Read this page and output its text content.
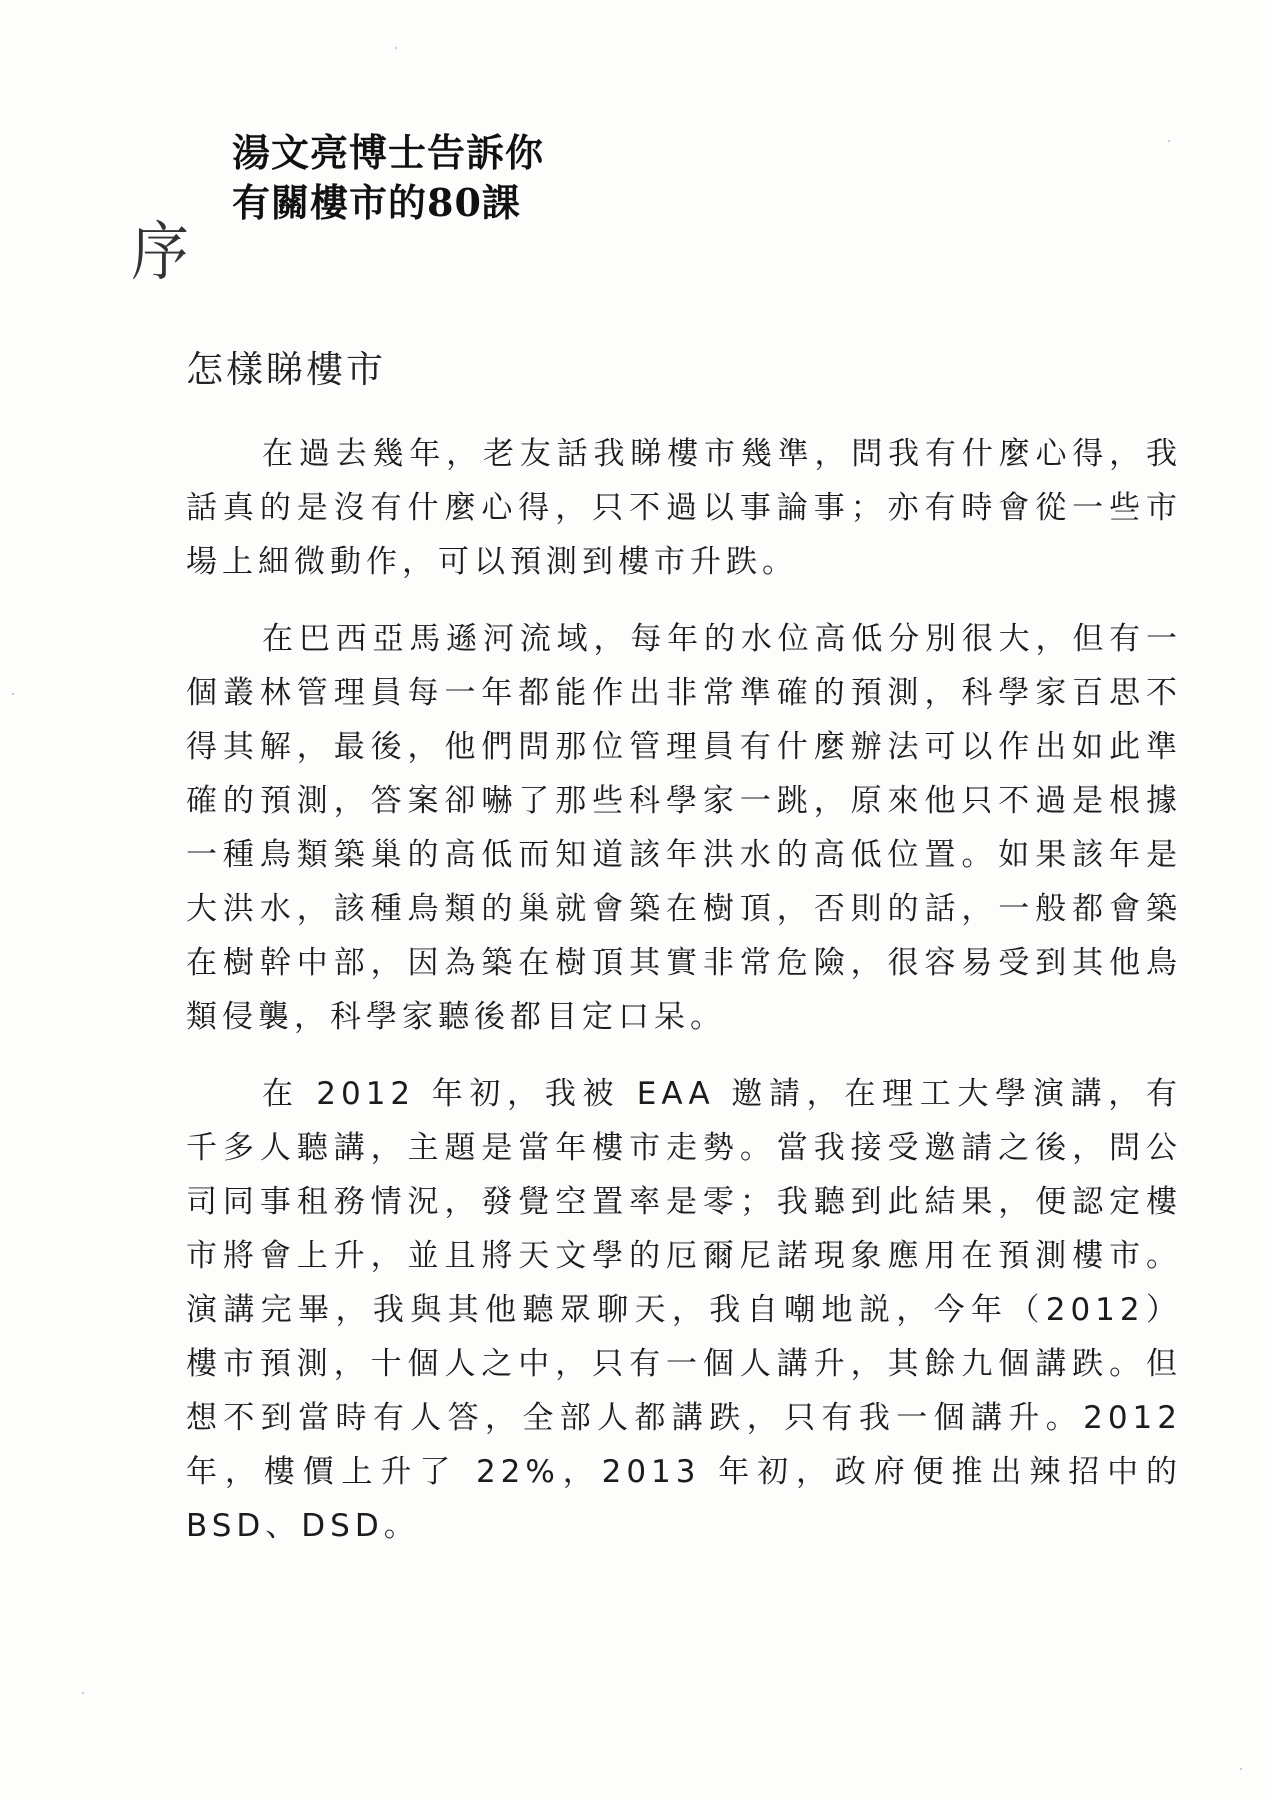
湯文亮博士告訴你
有關樓市的80課
序
怎樣睇樓市

在過去幾年，老友話我睇樓市幾準，問我有什麼心得，我話真的是沒有什麼心得，只不過以事論事；亦有時會從一些市場上細微動作，可以預測到樓市升跌。

在巴西亞馬遜河流域，每年的水位高低分別很大，但有一個叢林管理員每一年都能作出非常準確的預測，科學家百思不得其解，最後，他們問那位管理員有什麼辦法可以作出如此準確的預測，答案卻嚇了那些科學家一跳，原來他只不過是根據一種鳥類築巢的高低而知道該年洪水的高低位置。如果該年是大洪水，該種鳥類的巢就會築在樹頂，否則的話，一般都會築在樹幹中部，因為築在樹頂其實非常危險，很容易受到其他鳥類侵襲，科學家聽後都目定口呆。

在 2012 年初，我被 EAA 邀請，在理工大學演講，有千多人聽講，主題是當年樓市走勢。當我接受邀請之後，問公司同事租務情況，發覺空置率是零；我聽到此結果，便認定樓市將會上升，並且將天文學的厄爾尼諾現象應用在預測樓市。演講完畢，我與其他聽眾聊天，我自嘲地説，今年（2012）樓市預測，十個人之中，只有一個人講升，其餘九個講跌。但想不到當時有人答，全部人都講跌，只有我一個講升。2012 年，樓價上升了 22%，2013 年初，政府便推出辣招中的 BSD、DSD。
